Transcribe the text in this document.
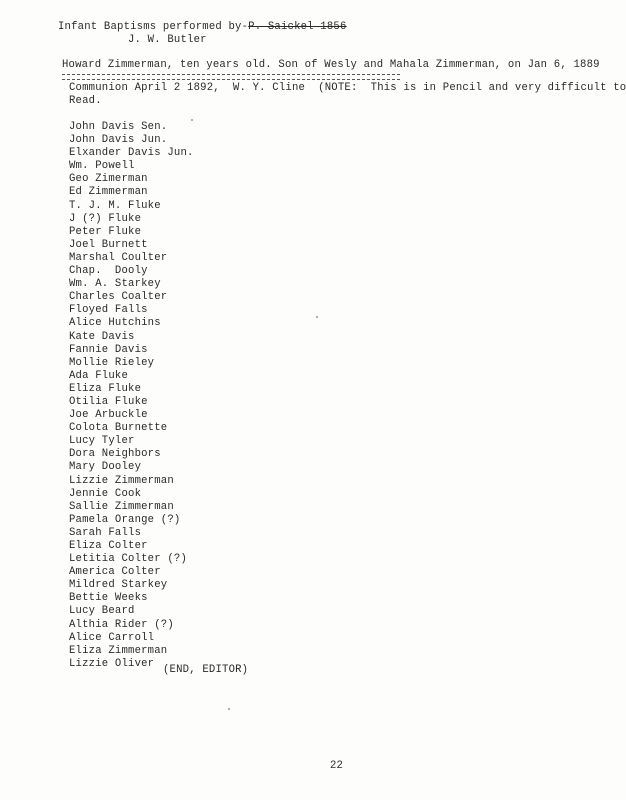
Infant Baptisms performed by-P. Saickel 1856
J. W. Butler
Howard Zimmerman, ten years old. Son of Wesly and Mahala Zimmerman, on Jan 6, 1889
Communion April 2 1892,  W. Y. Cline  (NOTE:  This is in Pencil and very difficult to
Read.
John Davis Sen.
John Davis Jun.
Elxander Davis Jun.
Wm. Powell
Geo Zimerman
Ed Zimmerman
T. J. M. Fluke
J (?) Fluke
Peter Fluke
Joel Burnett
Marshal Coulter
Chap.  Dooly
Wm. A. Starkey
Charles Coalter
Floyed Falls
Alice Hutchins
Kate Davis
Fannie Davis
Mollie Rieley
Ada Fluke
Eliza Fluke
Otilia Fluke
Joe Arbuckle
Colota Burnette
Lucy Tyler
Dora Neighbors
Mary Dooley
Lizzie Zimmerman
Jennie Cook
Sallie Zimmerman
Pamela Orange (?)
Sarah Falls
Eliza Colter
Letitia Colter (?)
America Colter
Mildred Starkey
Bettie Weeks
Lucy Beard
Althia Rider (?)
Alice Carroll
Eliza Zimmerman
Lizzie Oliver
(END, EDITOR)
22
